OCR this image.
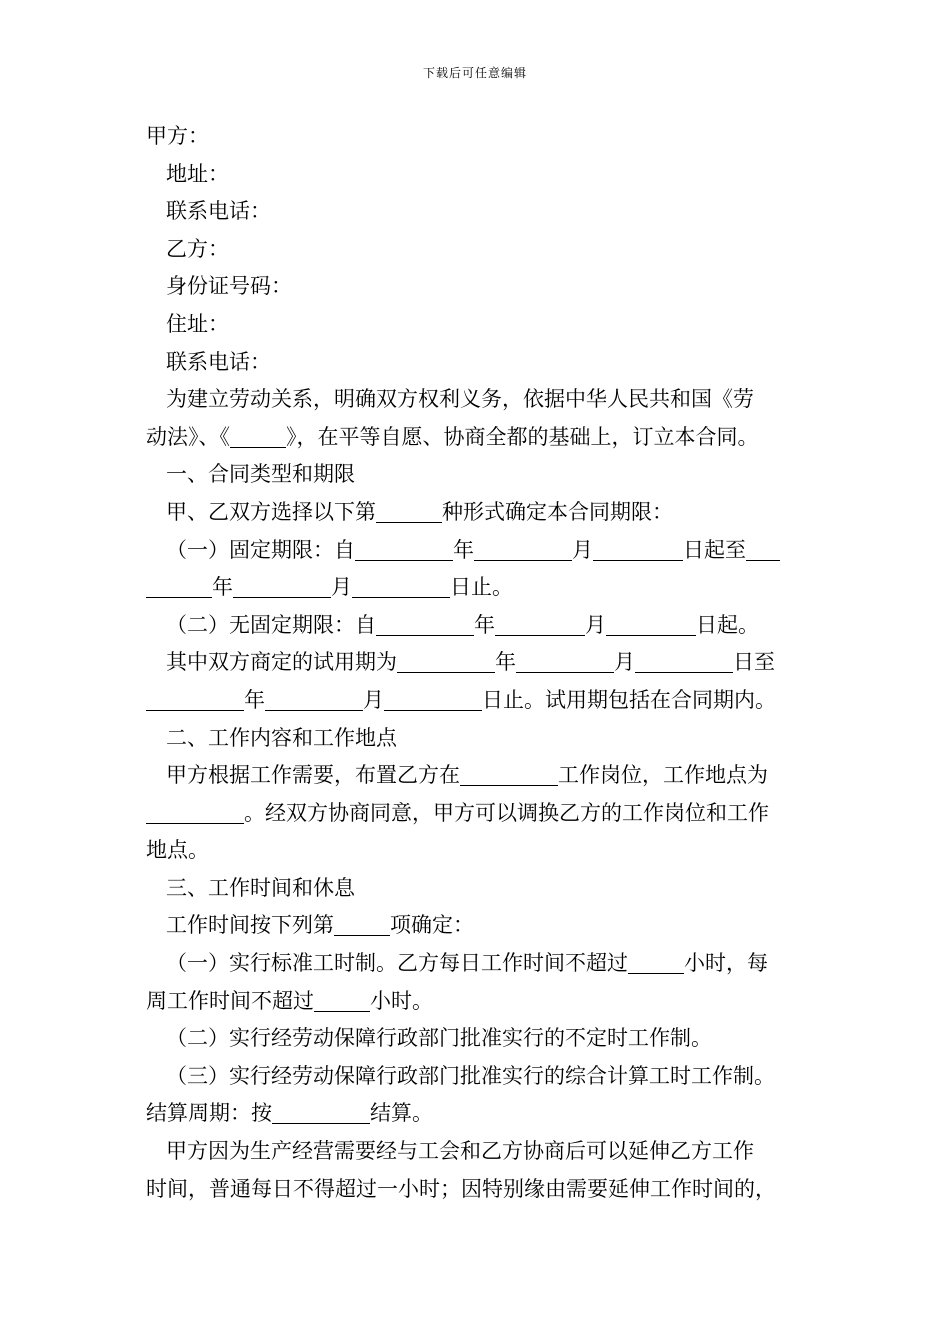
下载后可任意编辑
甲方：
地址：
联系电话：
乙方：
身份证号码：
住址：
联系电话：
为建立劳动关系，明确双方权利义务，依据中华人民共和国《劳
动法》、《	》，在平等自愿、协商全都的基础上，订立本合同。
一、合同类型和期限
甲、乙双方选择以下第	种形式确定本合同期限：
（一）固定期限：自	年	月	日起至
年	月	日止。
（二）无固定期限：自	年	月	日起。
其中双方商定的试用期为	年	月	日至
年	月	日止。试用期包括在合同期内。
二、工作内容和工作地点
甲方根据工作需要，布置乙方在	工作岗位，工作地点为
。经双方协商同意，甲方可以调换乙方的工作岗位和工作
地点。
三、工作时间和休息
工作时间按下列第	项确定：
（一）实行标准工时制。乙方每日工作时间不超过	小时，每
周工作时间不超过	小时。
（二）实行经劳动保障行政部门批准实行的不定时工作制。
（三）实行经劳动保障行政部门批准实行的综合计算工时工作制。
结算周期：按	结算。
甲方因为生产经营需要经与工会和乙方协商后可以延伸乙方工作
时间，普通每日不得超过一小时；因特别缘由需要延伸工作时间的，
